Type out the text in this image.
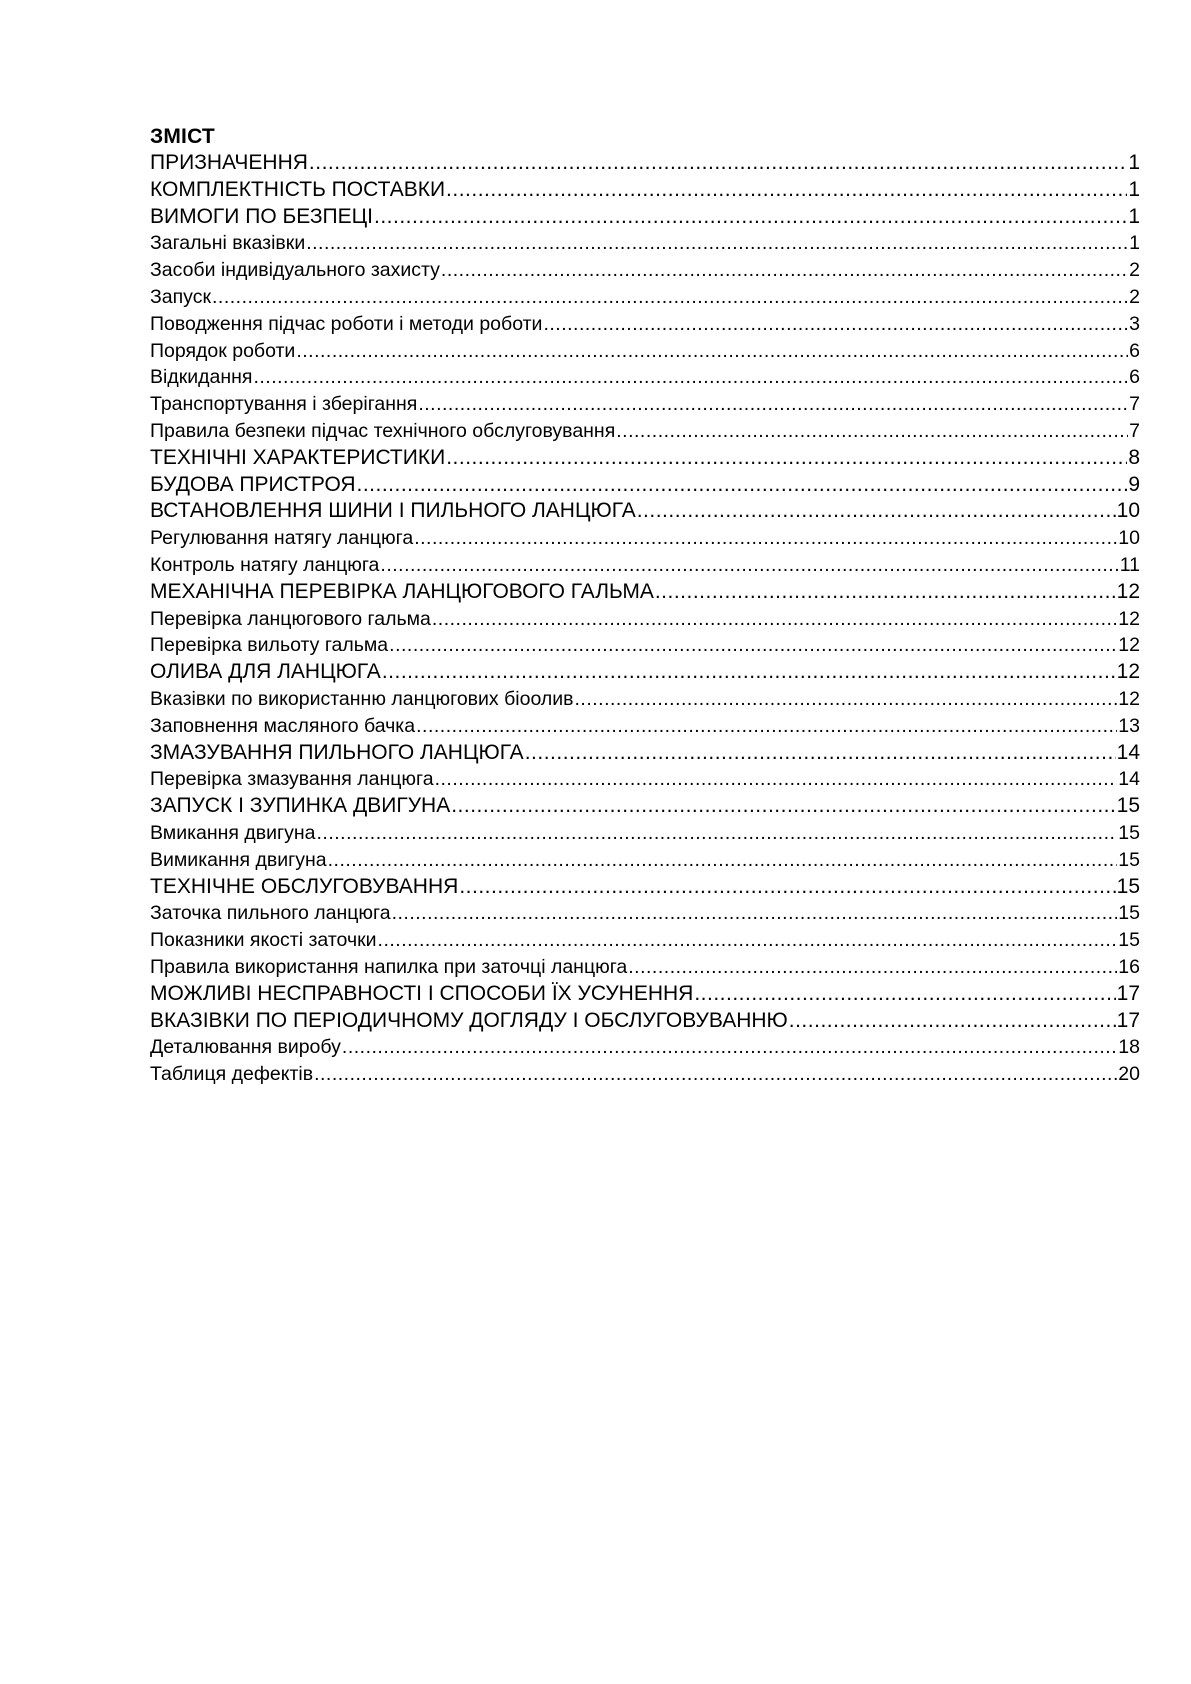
ЗМІСТ
ПРИЗНАЧЕННЯ .....	1
КОМПЛЕКТНІСТЬ ПОСТАВКИ .....	1
ВИМОГИ ПО БЕЗПЕЦІ .....	1
Загальні вказівки .....	1
Засоби індивідуального захисту .....	2
Запуск .....	2
Поводження підчас роботи і методи роботи .....	3
Порядок роботи .....	6
Відкидання .....	6
Транспортування і зберігання .....	7
Правила безпеки підчас технічного обслуговування .....	7
ТЕХНІЧНІ ХАРАКТЕРИСТИКИ .....	8
БУДОВА ПРИСТРОЯ .....	9
ВСТАНОВЛЕННЯ ШИНИ І ПИЛЬНОГО ЛАНЦЮГА .....	10
Регулювання натягу ланцюга .....	10
Контроль натягу ланцюга .....	11
МЕХАНІЧНА ПЕРЕВІРКА ЛАНЦЮГОВОГО ГАЛЬМА .....	12
Перевірка ланцюгового гальма .....	12
Перевірка вильоту гальма .....	12
ОЛИВА ДЛЯ ЛАНЦЮГА .....	12
Вказівки по використанню ланцюгових біоолив .....	12
Заповнення масляного бачка .....	13
ЗМАЗУВАННЯ ПИЛЬНОГО ЛАНЦЮГА .....	14
Перевірка змазування ланцюга .....	14
ЗАПУСК І ЗУПИНКА ДВИГУНА .....	15
Вмикання двигуна .....	15
Вимикання двигуна .....	15
ТЕХНІЧНЕ ОБСЛУГОВУВАННЯ .....	15
Заточка пильного ланцюга .....	15
Показники якості заточки .....	15
Правила використання напилка при заточці ланцюга .....	16
МОЖЛИВІ НЕСПРАВНОСТІ І СПОСОБИ ЇХ УСУНЕННЯ .....	17
ВКАЗІВКИ ПО ПЕРІОДИЧНОМУ ДОГЛЯДУ І ОБСЛУГОВУВАННЮ .....	17
Деталювання виробу .....	18
Таблиця дефектів .....	20
